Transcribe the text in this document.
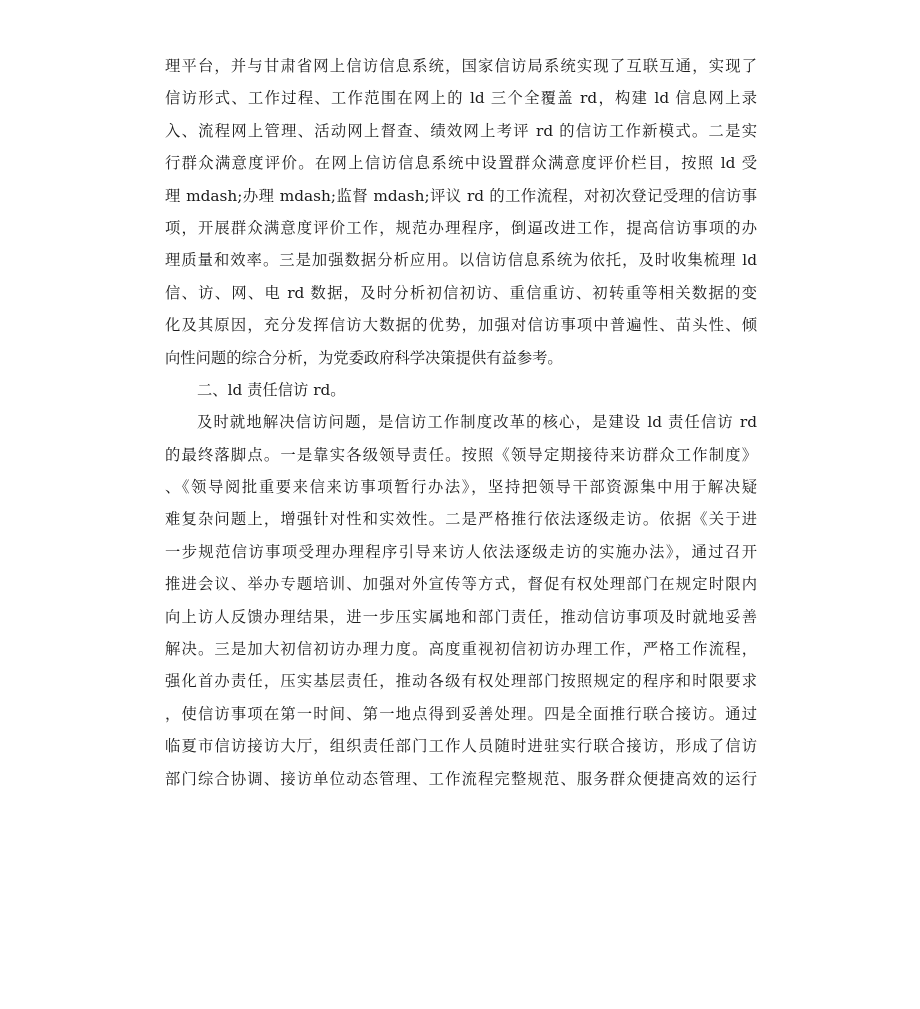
理平台，并与甘肃省网上信访信息系统，国家信访局系统实现了互联互通，实现了
信访形式、工作过程、工作范围在网上的 ld 三个全覆盖 rd，构建 ld 信息网上录
入、流程网上管理、活动网上督查、绩效网上考评 rd 的信访工作新模式。二是实
行群众满意度评价。在网上信访信息系统中设置群众满意度评价栏目，按照 ld 受
理 mdash;办理 mdash;监督 mdash;评议 rd 的工作流程，对初次登记受理的信访事
项，开展群众满意度评价工作，规范办理程序，倒逼改进工作，提高信访事项的办
理质量和效率。三是加强数据分析应用。以信访信息系统为依托，及时收集梳理 ld
信、访、网、电 rd 数据，及时分析初信初访、重信重访、初转重等相关数据的变
化及其原因，充分发挥信访大数据的优势，加强对信访事项中普遍性、苗头性、倾
向性问题的综合分析，为党委政府科学决策提供有益参考。
二、ld 责任信访 rd。
及时就地解决信访问题，是信访工作制度改革的核心，是建设 ld 责任信访 rd
的最终落脚点。一是靠实各级领导责任。按照《领导定期接待来访群众工作制度》
、《领导阅批重要来信来访事项暂行办法》，坚持把领导干部资源集中用于解决疑
难复杂问题上，增强针对性和实效性。二是严格推行依法逐级走访。依据《关于进
一步规范信访事项受理办理程序引导来访人依法逐级走访的实施办法》，通过召开
推进会议、举办专题培训、加强对外宣传等方式，督促有权处理部门在规定时限内
向上访人反馈办理结果，进一步压实属地和部门责任，推动信访事项及时就地妥善
解决。三是加大初信初访办理力度。高度重视初信初访办理工作，严格工作流程，
强化首办责任，压实基层责任，推动各级有权处理部门按照规定的程序和时限要求
，使信访事项在第一时间、第一地点得到妥善处理。四是全面推行联合接访。通过
临夏市信访接访大厅，组织责任部门工作人员随时进驻实行联合接访，形成了信访
部门综合协调、接访单位动态管理、工作流程完整规范、服务群众便捷高效的运行
